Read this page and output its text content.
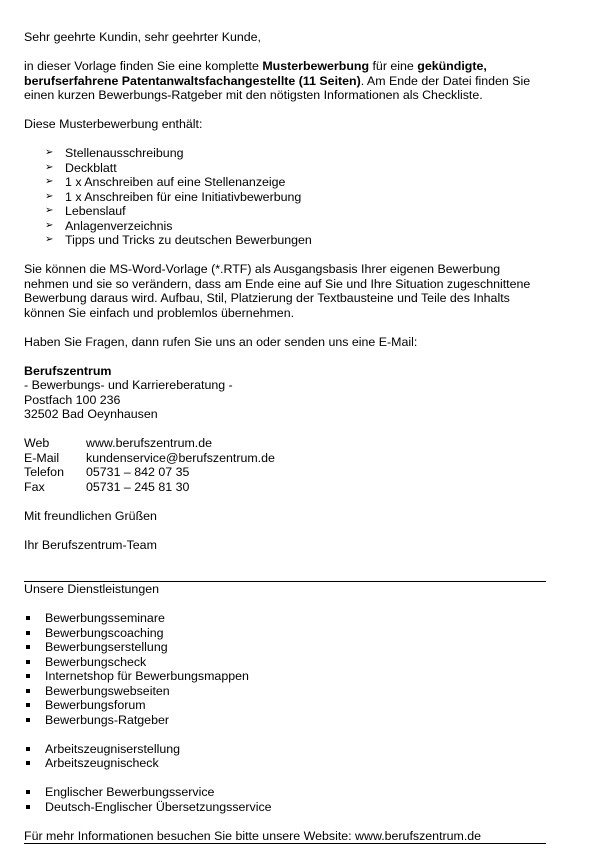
Sehr geehrte Kundin, sehr geehrter Kunde,

in dieser Vorlage finden Sie eine komplette Musterbewerbung für eine gekündigte, berufserfahrene Patentanwaltsfachangestellte (11 Seiten). Am Ende der Datei finden Sie einen kurzen Bewerbungs-Ratgeber mit den nötigsten Informationen als Checkliste.

Diese Musterbewerbung enthält:

➢ Stellenausschreibung
➢ Deckblatt
➢ 1 x Anschreiben auf eine Stellenanzeige
➢ 1 x Anschreiben für eine Initiativbewerbung
➢ Lebenslauf
➢ Anlagenverzeichnis
➢ Tipps und Tricks zu deutschen Bewerbungen

Sie können die MS-Word-Vorlage (*.RTF) als Ausgangsbasis Ihrer eigenen Bewerbung nehmen und sie so verändern, dass am Ende eine auf Sie und Ihre Situation zugeschnittene Bewerbung daraus wird. Aufbau, Stil, Platzierung der Textbausteine und Teile des Inhalts können Sie einfach und problemlos übernehmen.

Haben Sie Fragen, dann rufen Sie uns an oder senden uns eine E-Mail:

Berufszentrum

- Bewerbungs- und Karriereberatung -

Postfach 100 236

32502 Bad Oeynhausen

Web	www.berufszentrum.de
E-Mail	kundenservice@berufszentrum.de
Telefon	05731 – 842 07 35
Fax	05731 – 245 81 30

Mit freundlichen Grüßen

Ihr Berufszentrum-Team

Unsere Dienstleistungen

Bewerbungsseminare
Bewerbungscoaching
Bewerbungserstellung
Bewerbungscheck
Internetshop für Bewerbungsmappen
Bewerbungswebseiten
Bewerbungsforum
Bewerbungs-Ratgeber
Arbeitszeugniserstellung
Arbeitszeugnischeck
Englischer Bewerbungsservice
Deutsch-Englischer Übersetzungsservice

Für mehr Informationen besuchen Sie bitte unsere Website: www.berufszentrum.de
